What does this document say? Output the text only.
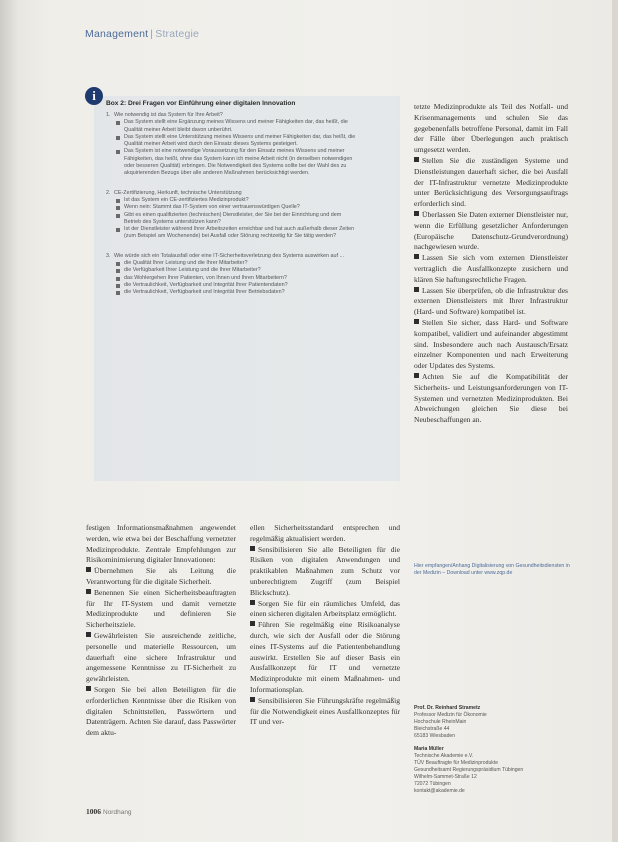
Management | Strategie
i
Box 2: Drei Fragen vor Einführung einer digitalen Innovation
1. Wie notwendig ist das System für Ihre Arbeit?
Das System stellt eine Ergänzung meines Wissens und meiner Fähigkeiten dar, das heißt, die Qualität meiner Arbeit bleibt davon unberührt.
Das System stellt eine Unterstützung meines Wissens und meiner Fähigkeiten dar, das heißt, die Qualität meiner Arbeit wird durch den Einsatz dieses Systems gesteigert.
Das System ist eine notwendige Voraussetzung für den Einsatz meines Wissens und meiner Fähigkeiten, das heißt, ohne das System kann ich meine Arbeit nicht (in derselben notwendigen oder besseren Qualität) erbringen. Die Notwendigkeit des Systems sollte bei der Wahl des zu akquirierenden Bezugs über alle anderen Maßnahmen berücksichtigt werden.
2. CE-Zertifizierung, Herkunft, technische Unterstützung
Ist das System ein CE-zertifiziertes Medizinprodukt?
Wenn nein: Stammt das IT-System von einer vertrauenswürdigen Quelle?
Gibt es einen qualifizierten (technischen) Dienstleister, der Sie bei der Einrichtung und dem Betrieb des Systems unterstützen kann?
Ist der Dienstleister während Ihrer Arbeitszeiten erreichbar und hat auch außerhalb dieser Zeiten (zum Beispiel am Wochenende) bei Ausfall oder Störung rechtzeitig für Sie tätig werden?
3. Wie würde sich ein Totalausfall oder eine IT-Sicherheitsverletzung des Systems auswirken auf ...
die Qualität Ihrer Leistung und die Ihrer Mitarbeiter?
die Verfügbarkeit Ihrer Leistung und die Ihrer Mitarbeiter?
das Wohlergehen Ihrer Patienten, von Ihnen und Ihren Mitarbeitern?
die Vertraulichkeit, Verfügbarkeit und Integrität Ihrer Patientendaten?
die Vertraulichkeit, Verfügbarkeit und Integrität Ihrer Betriebsdaten?

tetzte Medizinprodukte als Teil des Notfall- und Krisenmanagements und schulen Sie das gegebenenfalls betroffene Personal, damit im Fall der Fälle über Überlegungen auch praktisch umgesetzt werden.

Stellen Sie die zuständigen Systeme und Dienstleistungen dauerhaft sicher, die bei Ausfall der IT-Infrastruktur vernetzte Medizinprodukte unter Berücksichtigung des Versorgungsauftrags erforderlich sind.

Überlassen Sie Daten externer Dienstleister nur, wenn die Erfüllung gesetzlicher Anforderungen (Europäische Datenschutz-Grundverordnung) nachgewiesen wurde.

Lassen Sie sich vom externen Dienstleister vertraglich die Ausfallkonzepte zusichern und klären Sie haftungsrechtliche Fragen.

Lassen Sie überprüfen, ob die Infrastruktur des externen Dienstleisters mit Ihrer Infrastruktur (Hard- und Software) kompatibel ist.

Stellen Sie sicher, dass Hard- und Software kompatibel, validiert und aufeinander abgestimmt sind. Insbesondere auch nach Austausch/Ersatz einzelner Komponenten und nach Erweiterung oder Updates des Systems.

Achten Sie auf die Kompatibilität der Sicherheits- und Leistungsanforderungen von IT-Systemen und vernetzten Medizinprodukten. Bei Abweichungen gleichen Sie diese bei Neubeschaffungen an.

Hier empfangen/Anhang Digitalisierung von Gesundheitsdiensten in der Medizin – Download unter www.zqp.de

festigen Informationsmaßnahmen angewendet werden, wie etwa bei der Beschaffung vernetzter Medizinprodukte. Zentrale Empfehlungen zur Risikominimierung digitaler Innovationen:

Übernehmen Sie als Leitung die Verantwortung für die digitale Sicherheit.

Benennen Sie einen Sicherheitsbeauftragten für Ihr IT-System und damit vernetzte Medizinprodukte und definieren Sie Sicherheitsziele.

Gewährleisten Sie ausreichende zeitliche, personelle und materielle Ressourcen, um dauerhaft eine sichere Infrastruktur und angemessene Kenntnisse zu IT-Sicherheit zu gewährleisten.

Sorgen Sie bei allen Beteiligten für die erforderlichen Kenntnisse über die Risiken von digitalen Schnittstellen, Passwörtern und Datenträgern. Achten Sie darauf, dass Passwörter dem aktu-

ellen Sicherheitsstandard entsprechen und regelmäßig aktualisiert werden.

Sensibilisieren Sie alle Beteiligten für die Risiken von digitalen Anwendungen und praktikablen Maßnahmen zum Schutz vor unberechtigtem Zugriff (zum Beispiel Blickschutz).

Sorgen Sie für ein räumliches Umfeld, das einen sicheren digitalen Arbeitsplatz ermöglicht.

Führen Sie regelmäßig eine Risikoanalyse durch, wie sich der Ausfall oder die Störung eines IT-Systems auf die Patientenbehandlung auswirkt. Erstellen Sie auf dieser Basis ein Ausfallkonzept für IT und vernetzte Medizinprodukte mit einem Maßnahmen- und Informationsplan.

Sensibilisieren Sie Führungskräfte regelmäßig für die Notwendigkeit eines Ausfallkonzeptes für IT und ver-

Prof. Dr. Reinhard Strametz
Professor Medizin für Ökonomie
Hochschule RheinMain
Bleichstraße 44
65183 Wiesbaden
Maria Müller
Technische Akademie e.V.
TÜV Beauftragte für Medizinprodukte
Gesundheitsamt Regierungspräsidium Tübingen
Wilhelm-Sammet-Straße 12
72072 Tübingen
kontakt@akademie.de
1006 Nordhang
